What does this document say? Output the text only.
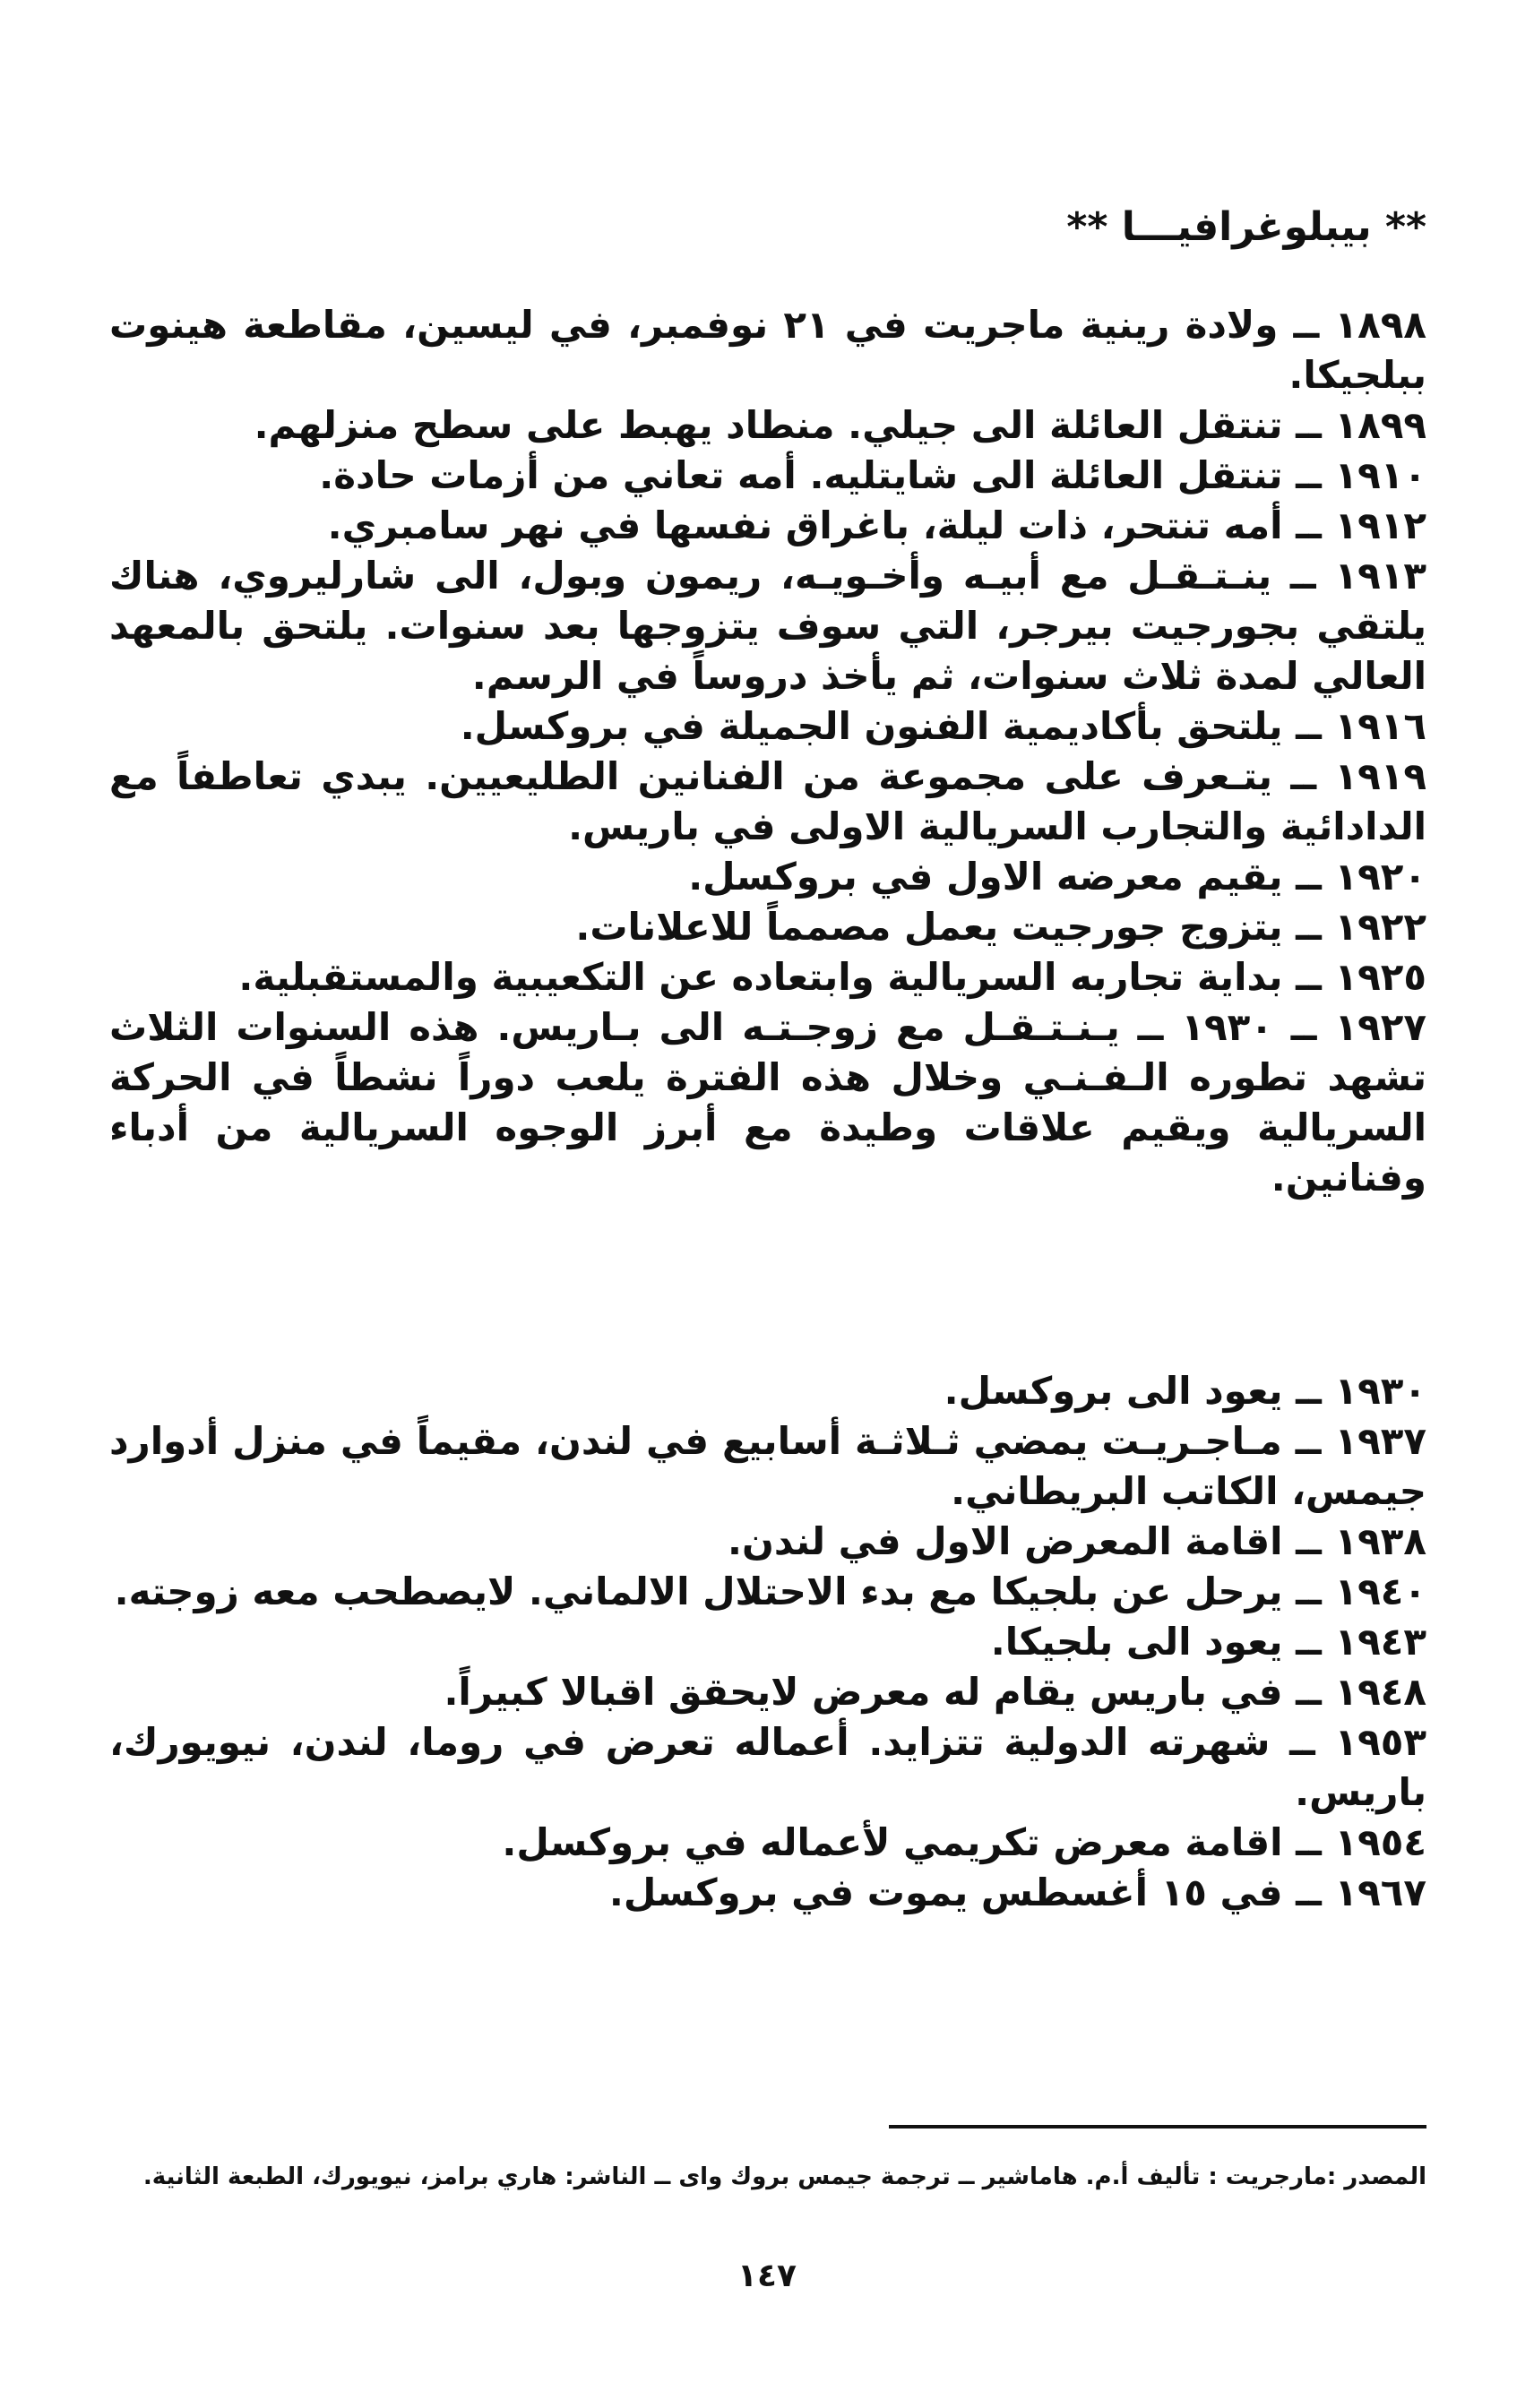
** بيبلوغرافيـــا **

١٨٩٨ ــ ولادة رينية ماجريت في ٢١ نوفمبر، في ليسين، مقاطعة هينوت ببلجيكا.

١٨٩٩ ــ تنتقل العائلة الى جيلي. منطاد يهبط على سطح منزلهم.

١٩١٠ ــ تنتقل العائلة الى شايتليه. أمه تعاني من أزمات حادة.

١٩١٢ ــ أمه تنتحر، ذات ليلة، باغراق نفسها في نهر سامبري.

١٩١٣ ــ ينـتـقـل مع أبيـه وأخـويـه، ريمون وبول، الى شارليروي، هناك يلتقي بجورجيت بيرجر، التي سوف يتزوجها بعد سنوات. يلتحق بالمعهد العالي لمدة ثلاث سنوات، ثم يأخذ دروساً في الرسم.

١٩١٦ ــ يلتحق بأكاديمية الفنون الجميلة في بروكسل.

١٩١٩ ــ يتـعرف على مجموعة من الفنانين الطليعيين. يبدي تعاطفاً مع الدادائية والتجارب السريالية الاولى في باريس.

١٩٢٠ ــ يقيم معرضه الاول في بروكسل.

١٩٢٢ ــ يتزوج جورجيت يعمل مصمماً للاعلانات.

١٩٢٥ ــ بداية تجاربه السريالية وابتعاده عن التكعيبية والمستقبلية.

١٩٢٧ ــ ١٩٣٠ ــ يـنـتـقـل مع زوجـتـه الى بـاريس. هذه السنوات الثلاث تشهد تطوره الـفـنـي وخلال هذه الفترة يلعب دوراً نشطاً في الحركة السريالية ويقيم علاقات وطيدة مع أبرز الوجوه السريالية من أدباء وفنانين.

١٩٣٠ ــ يعود الى بروكسل.

١٩٣٧ ــ مـاجـريـت يمضي ثـلاثـة أسابيع في لندن، مقيماً في منزل أدوارد جيمس، الكاتب البريطاني.

١٩٣٨ ــ اقامة المعرض الاول في لندن.

١٩٤٠ ــ يرحل عن بلجيكا مع بدء الاحتلال الالماني. لايصطحب معه زوجته.

١٩٤٣ ــ يعود الى بلجيكا.

١٩٤٨ ــ في باريس يقام له معرض لايحقق اقبالا كبيراً.

١٩٥٣ ــ شهرته الدولية تتزايد. أعماله تعرض في روما، لندن، نيويورك، باريس.

١٩٥٤ ــ اقامة معرض تكريمي لأعماله في بروكسل.

١٩٦٧ ــ في ١٥ أغسطس يموت في بروكسل.

المصدر :مارجريت : تأليف أ.م. هاماشير ــ ترجمة جيمس بروك واى ــ الناشر: هاري برامز، نيويورك، الطبعة الثانية.
١٤٧
